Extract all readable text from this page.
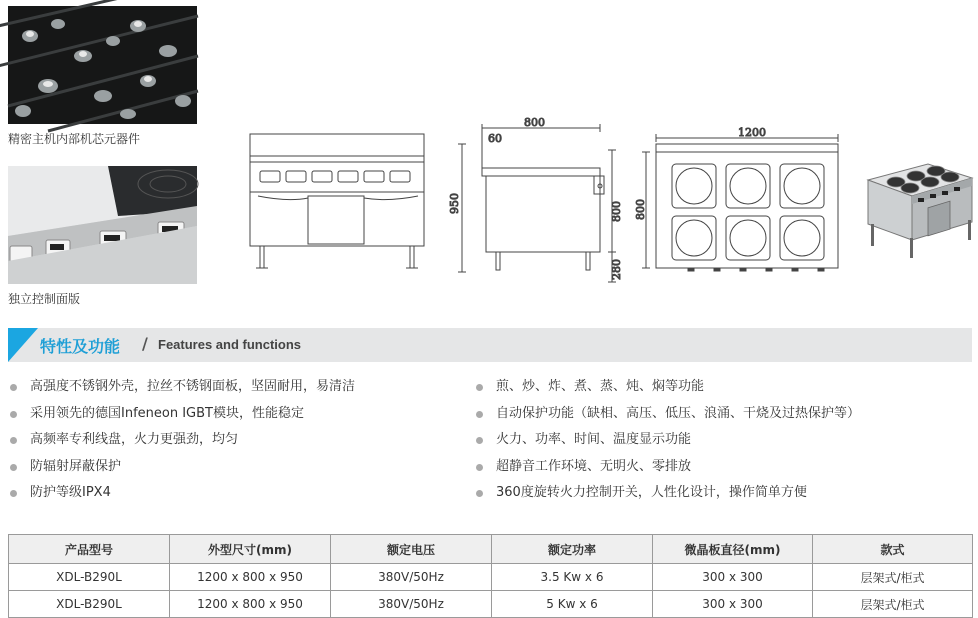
精密主机内部机芯元器件
独立控制面版
800
60
950	800
280
1200
800
特性及功能 / Features and functions
高强度不锈钢外壳，拉丝不锈钢面板，坚固耐用，易清洁
采用领先的德国Infeneon IGBT模块，性能稳定
高频率专利线盘，火力更强劲，均匀
防辐射屏蔽保护
防护等级IPX4
煎、炒、炸、煮、蒸、炖、焖等功能
自动保护功能（缺相、高压、低压、浪涌、干烧及过热保护等）
火力、功率、时间、温度显示功能
超静音工作环境、无明火、零排放
360度旋转火力控制开关，人性化设计，操作简单方便
产品型号	外型尺寸(mm)	额定电压	额定功率	微晶板直径(mm)	款式
XDL-B290L	1200 x 800 x 950	380V/50Hz	3.5 Kw x 6	300 x 300	层架式/柜式
XDL-B290L	1200 x 800 x 950	380V/50Hz	5 Kw x 6	300 x 300	层架式/柜式
